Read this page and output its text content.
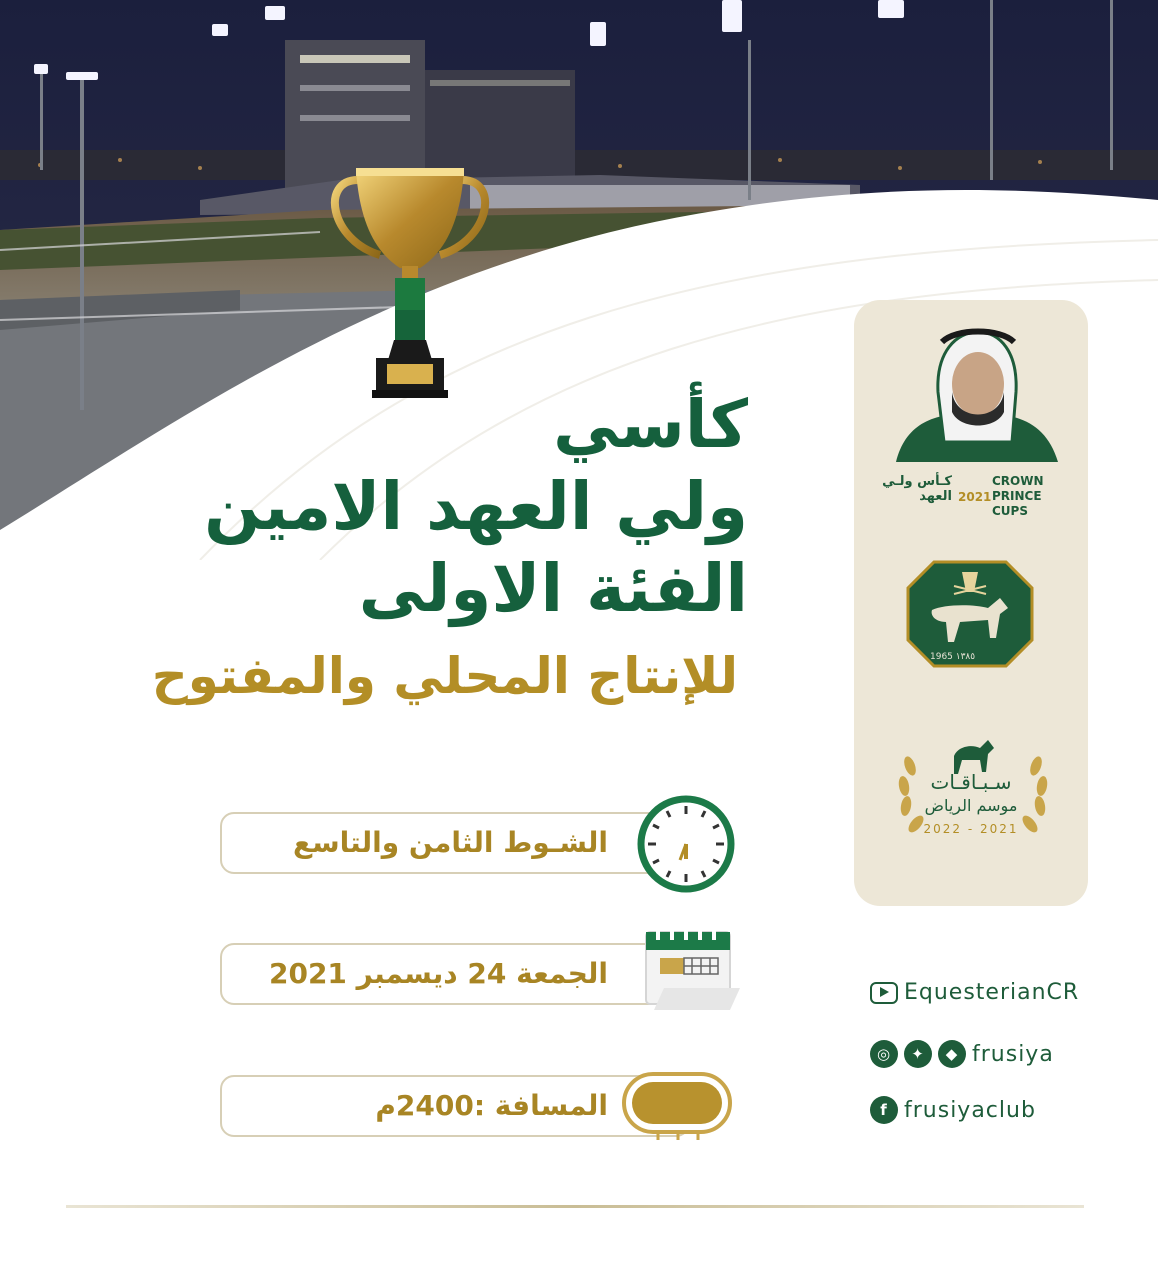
كأسي
ولي العهد الامين
الفئة الاولى
للإنتاج المحلي والمفتوح
الشـوط الثامن والتاسع
الجمعة 24 ديسمبر 2021
المسافة :2400م
CROWN PRINCE CUPS
2021
كـأس ولـي العهد
1965 ١٣٨٥
سـبـاقـات
موسم الرياض
2022 - 2021
EquesterianCR
◎	✦	◆ frusiya
f frusiyaclub
